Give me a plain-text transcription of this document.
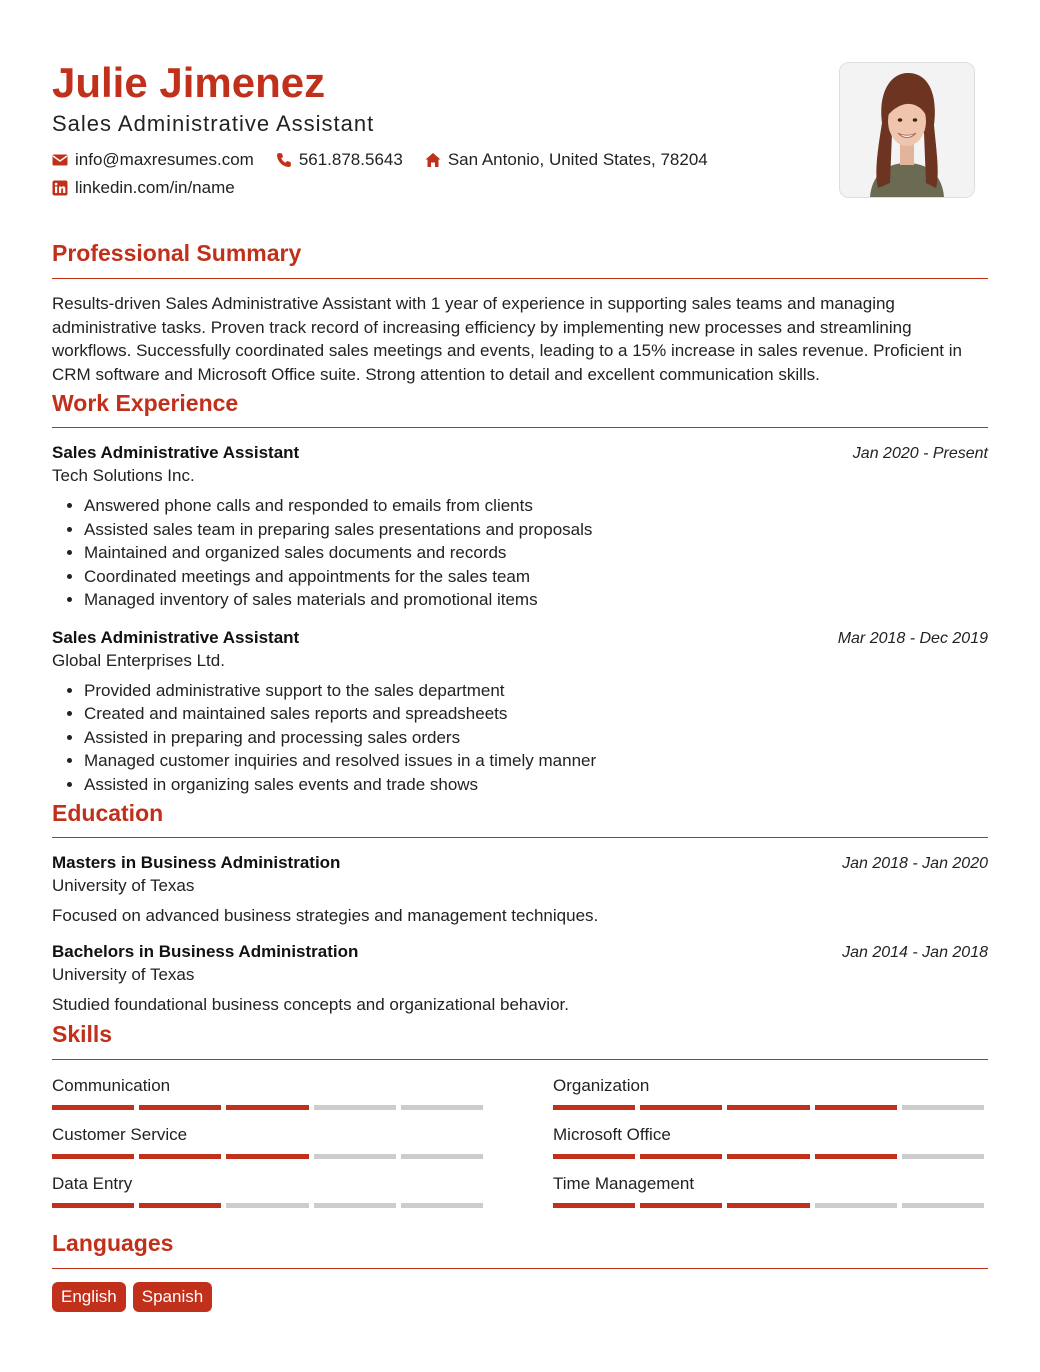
Julie Jimenez
Sales Administrative Assistant
info@maxresumes.com	561.878.5643	San Antonio, United States, 78204
linkedin.com/in/name
Professional Summary
Results-driven Sales Administrative Assistant with 1 year of experience in supporting sales teams and managing administrative tasks. Proven track record of increasing efficiency by implementing new processes and streamlining workflows. Successfully coordinated sales meetings and events, leading to a 15% increase in sales revenue. Proficient in CRM software and Microsoft Office suite. Strong attention to detail and excellent communication skills.
Work Experience
Sales Administrative Assistant	Jan 2020 - Present
Tech Solutions Inc.
• Answered phone calls and responded to emails from clients
• Assisted sales team in preparing sales presentations and proposals
• Maintained and organized sales documents and records
• Coordinated meetings and appointments for the sales team
• Managed inventory of sales materials and promotional items
Sales Administrative Assistant	Mar 2018 - Dec 2019
Global Enterprises Ltd.
• Provided administrative support to the sales department
• Created and maintained sales reports and spreadsheets
• Assisted in preparing and processing sales orders
• Managed customer inquiries and resolved issues in a timely manner
• Assisted in organizing sales events and trade shows
Education
Masters in Business Administration	Jan 2018 - Jan 2020
University of Texas
Focused on advanced business strategies and management techniques.
Bachelors in Business Administration	Jan 2014 - Jan 2018
University of Texas
Studied foundational business concepts and organizational behavior.
Skills
Communication	Organization
Customer Service	Microsoft Office
Data Entry	Time Management
Languages
English	Spanish
